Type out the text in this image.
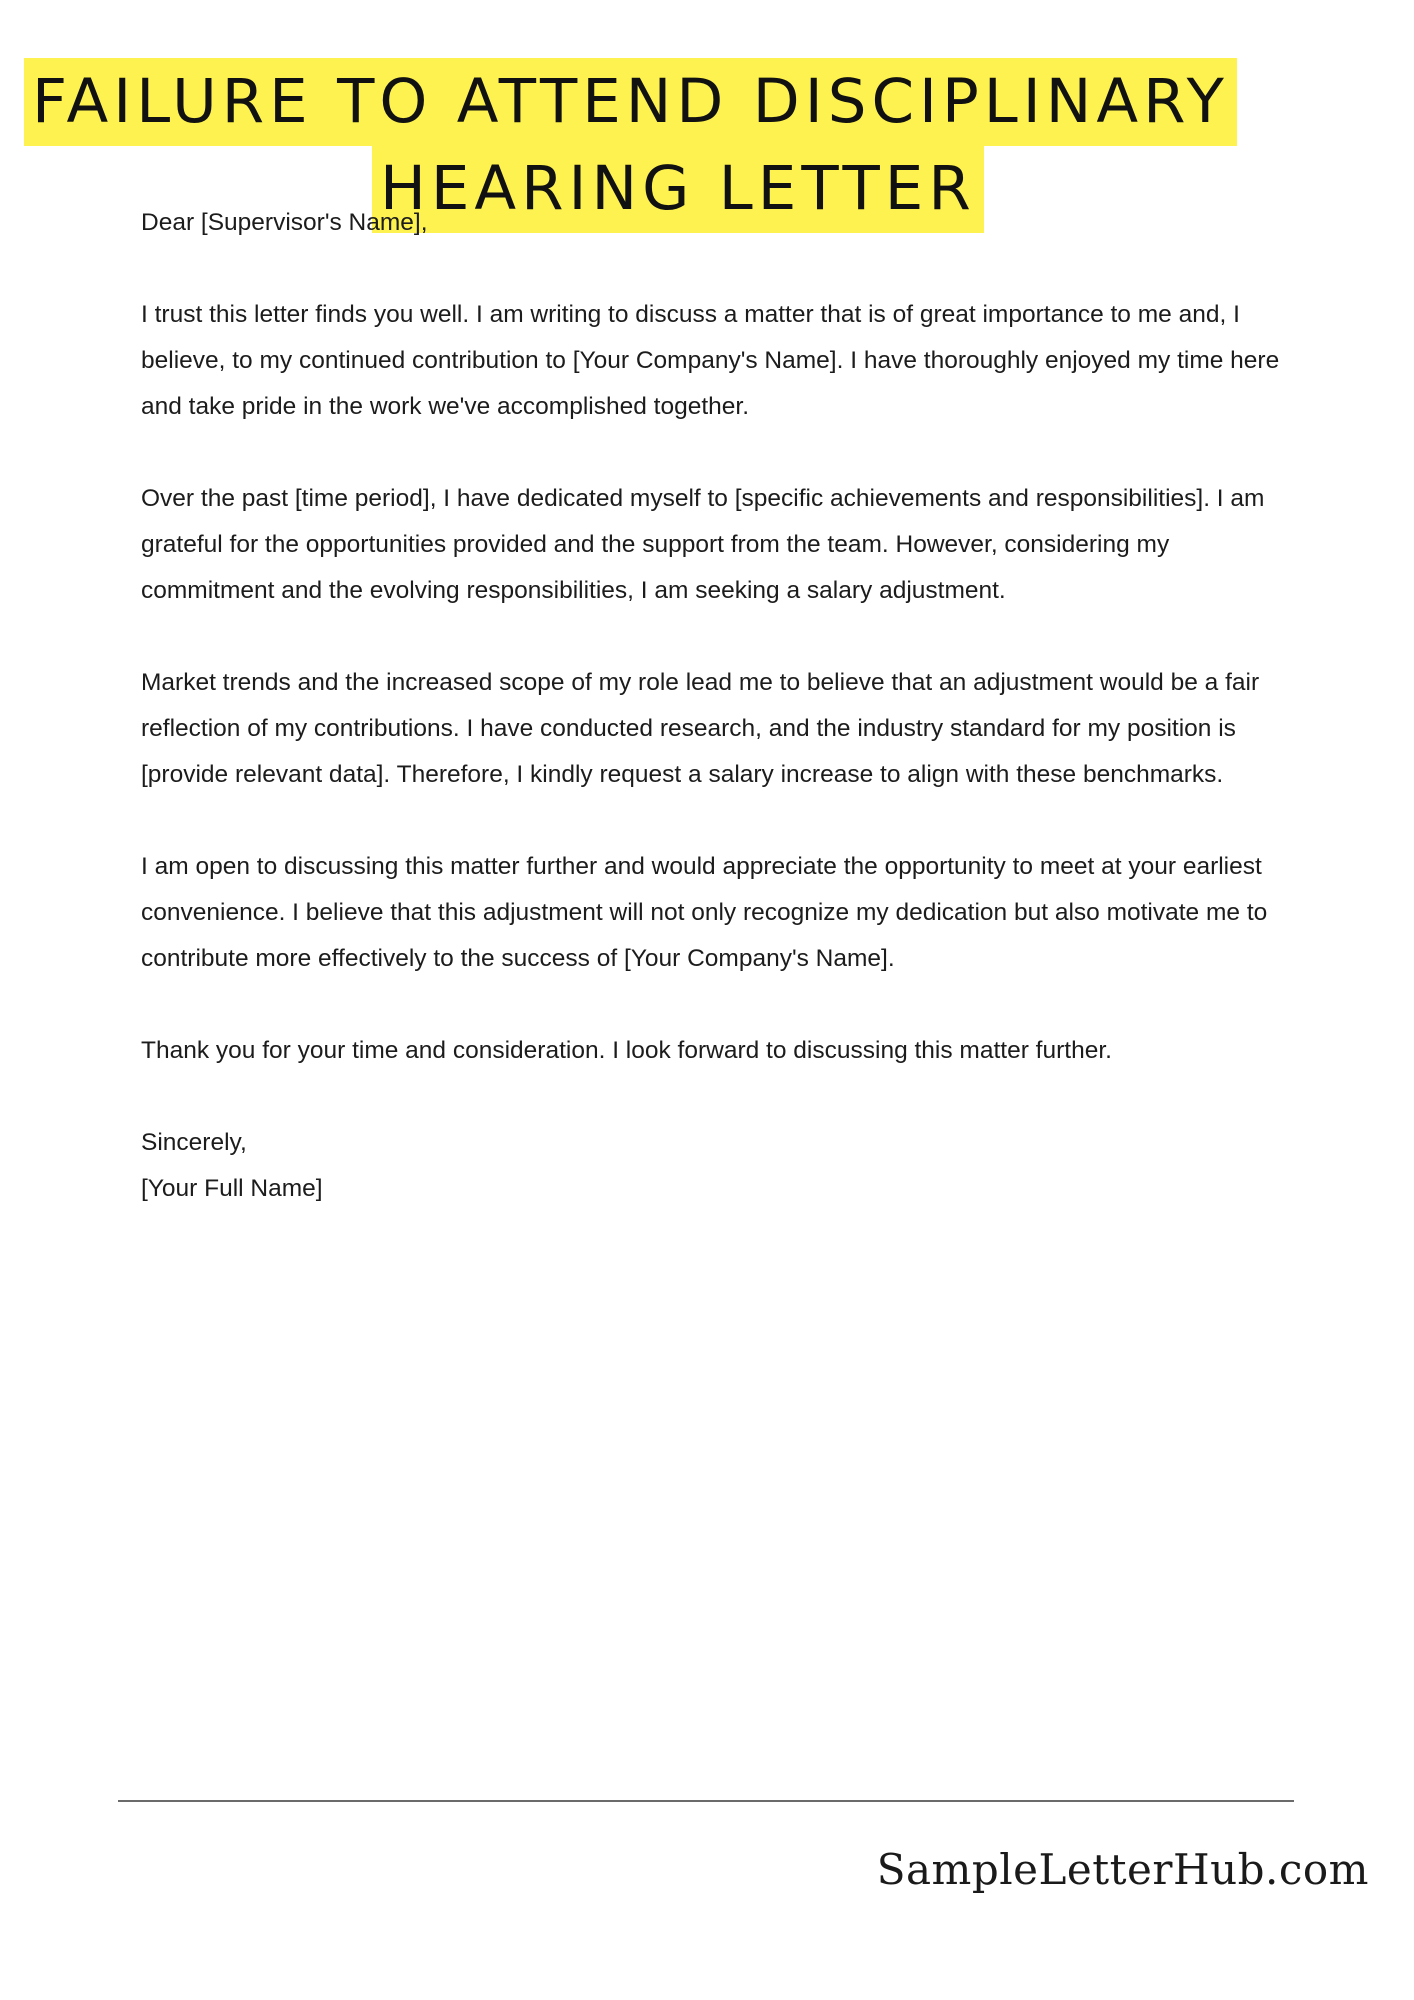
FAILURE TO ATTEND DISCIPLINARY
HEARING LETTER

Dear [Supervisor's Name],

I trust this letter finds you well. I am writing to discuss a matter that is of great importance to me and, I believe, to my continued contribution to [Your Company's Name]. I have thoroughly enjoyed my time here and take pride in the work we've accomplished together.

Over the past [time period], I have dedicated myself to [specific achievements and responsibilities]. I am grateful for the opportunities provided and the support from the team. However, considering my commitment and the evolving responsibilities, I am seeking a salary adjustment.

Market trends and the increased scope of my role lead me to believe that an adjustment would be a fair reflection of my contributions. I have conducted research, and the industry standard for my position is [provide relevant data]. Therefore, I kindly request a salary increase to align with these benchmarks.

I am open to discussing this matter further and would appreciate the opportunity to meet at your earliest convenience. I believe that this adjustment will not only recognize my dedication but also motivate me to contribute more effectively to the success of [Your Company's Name].

Thank you for your time and consideration. I look forward to discussing this matter further.

Sincerely,

[Your Full Name]

SampleLetterHub.com
